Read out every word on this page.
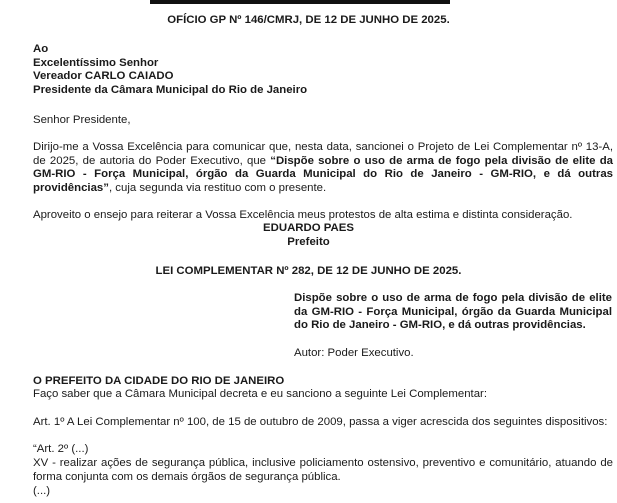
OFÍCIO GP Nº 146/CMRJ, DE 12 DE JUNHO DE 2025.
Ao
Excelentíssimo Senhor
Vereador CARLO CAIADO
Presidente da Câmara Municipal do Rio de Janeiro
Senhor Presidente,

Dirijo-me a Vossa Excelência para comunicar que, nesta data, sancionei o Projeto de Lei Complementar nº 13-A, de 2025, de autoria do Poder Executivo, que “Dispõe sobre o uso de arma de fogo pela divisão de elite da GM-RIO - Força Municipal, órgão da Guarda Municipal do Rio de Janeiro - GM-RIO, e dá outras providências”, cuja segunda via restituo com o presente.

Aproveito o ensejo para reiterar a Vossa Excelência meus protestos de alta estima e distinta consideração.
EDUARDO PAES
Prefeito
LEI COMPLEMENTAR Nº 282, DE 12 DE JUNHO DE 2025.

Dispõe sobre o uso de arma de fogo pela divisão de elite da GM-RIO - Força Municipal, órgão da Guarda Municipal do Rio de Janeiro - GM-RIO, e dá outras providências.

Autor: Poder Executivo.
O PREFEITO DA CIDADE DO RIO DE JANEIRO
Faço saber que a Câmara Municipal decreta e eu sanciono a seguinte Lei Complementar:
Art. 1º A Lei Complementar nº 100, de 15 de outubro de 2009, passa a viger acrescida dos seguintes dispositivos:
“Art. 2º (...)

XV - realizar ações de segurança pública, inclusive policiamento ostensivo, preventivo e comunitário, atuando de forma conjunta com os demais órgãos de segurança pública.

(...)
